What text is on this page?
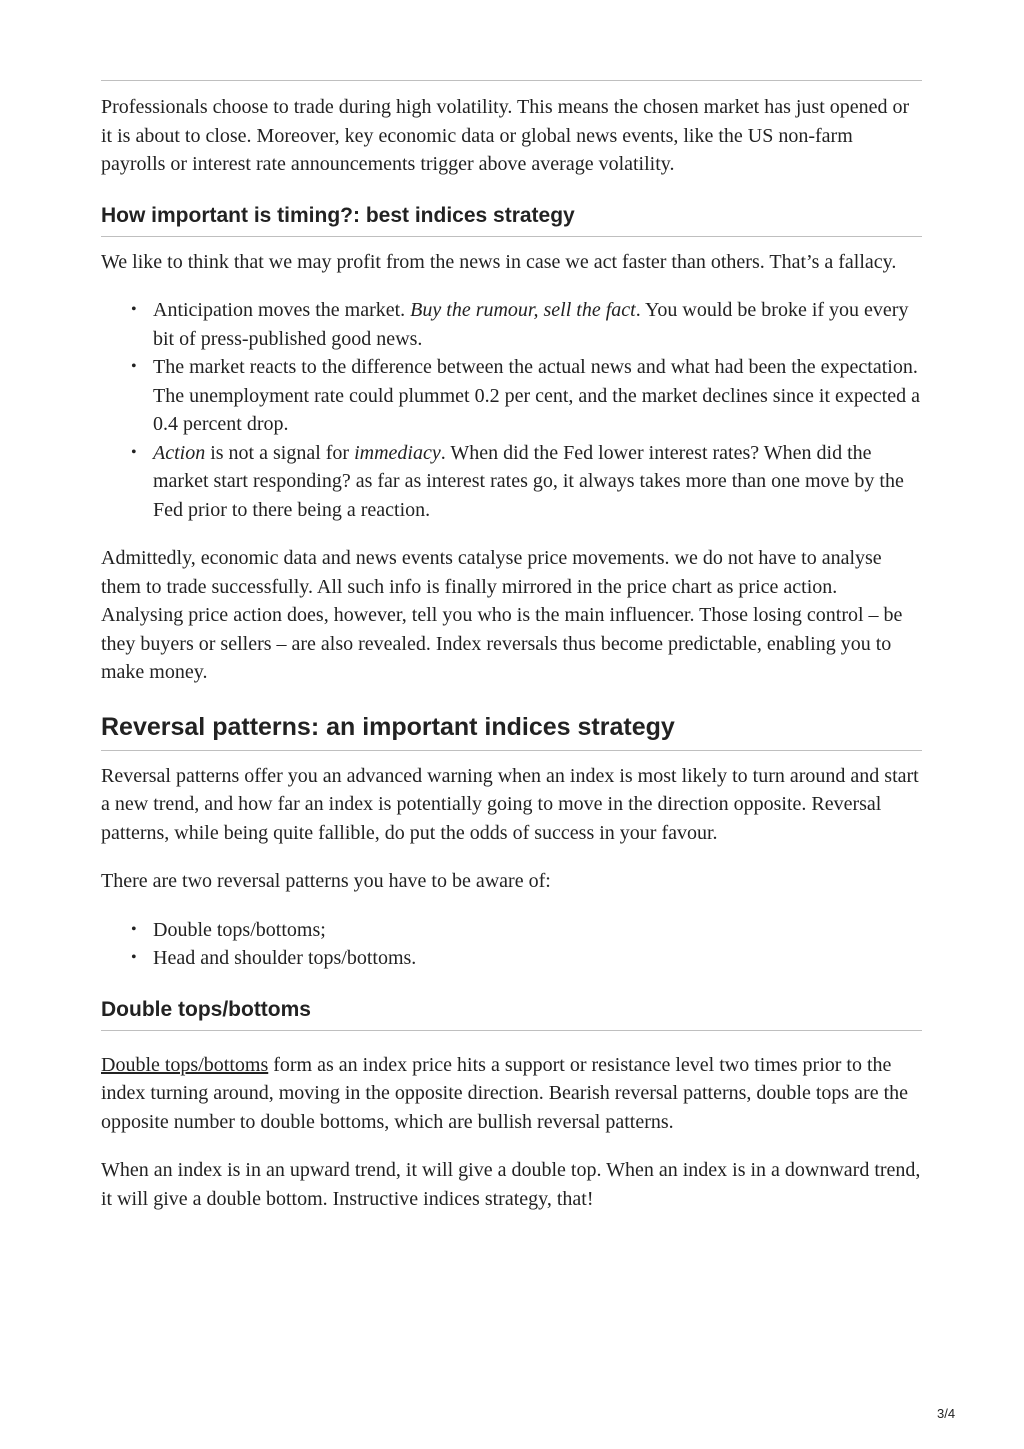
Professionals choose to trade during high volatility. This means the chosen market has just opened or it is about to close. Moreover, key economic data or global news events, like the US non-farm payrolls or interest rate announcements trigger above average volatility.

How important is timing?: best indices strategy

We like to think that we may profit from the news in case we act faster than others. That’s a fallacy.

• Anticipation moves the market. Buy the rumour, sell the fact. You would be broke if you every bit of press-published good news.
• The market reacts to the difference between the actual news and what had been the expectation. The unemployment rate could plummet 0.2 per cent, and the market declines since it expected a 0.4 percent drop.
• Action is not a signal for immediacy. When did the Fed lower interest rates? When did the market start responding? as far as interest rates go, it always takes more than one move by the Fed prior to there being a reaction.

Admittedly, economic data and news events catalyse price movements. we do not have to analyse them to trade successfully. All such info is finally mirrored in the price chart as price action. Analysing price action does, however, tell you who is the main influencer. Those losing control – be they buyers or sellers – are also revealed. Index reversals thus become predictable, enabling you to make money.

Reversal patterns: an important indices strategy

Reversal patterns offer you an advanced warning when an index is most likely to turn around and start a new trend, and how far an index is potentially going to move in the direction opposite. Reversal patterns, while being quite fallible, do put the odds of success in your favour.

There are two reversal patterns you have to be aware of:

• Double tops/bottoms;
• Head and shoulder tops/bottoms.
Double tops/bottoms

Double tops/bottoms form as an index price hits a support or resistance level two times prior to the index turning around, moving in the opposite direction. Bearish reversal patterns, double tops are the opposite number to double bottoms, which are bullish reversal patterns.

When an index is in an upward trend, it will give a double top. When an index is in a downward trend, it will give a double bottom. Instructive indices strategy, that!

3/4
